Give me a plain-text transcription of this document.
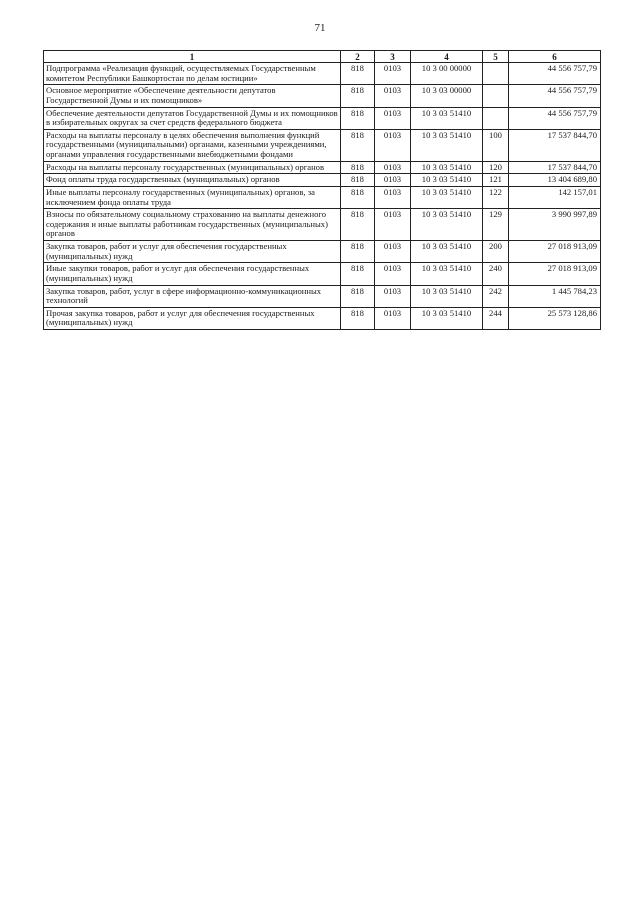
71
1	2	3	4	5	6
Подпрограмма «Реализация функций, осуществляемых Государственным комитетом Республики Башкортостан по делам юстиции»	818	0103	10 3 00 00000		44 556 757,79
Основное мероприятие «Обеспечение деятельности депутатов Государственной Думы и их помощников»	818	0103	10 3 03 00000		44 556 757,79
Обеспечение деятельности депутатов Государственной Думы и их помощников в избирательных округах за счет средств федерального бюджета	818	0103	10 3 03 51410		44 556 757,79
Расходы на выплаты персоналу в целях обеспечения выполнения функций государственными (муниципальными) органами, казенными учреждениями, органами управления государственными внебюджетными фондами	818	0103	10 3 03 51410	100	17 537 844,70
Расходы на выплаты персоналу государственных (муниципальных) органов	818	0103	10 3 03 51410	120	17 537 844,70
Фонд оплаты труда государственных (муниципальных) органов	818	0103	10 3 03 51410	121	13 404 689,80
Иные выплаты персоналу государственных (муниципальных) органов, за исключением фонда оплаты труда	818	0103	10 3 03 51410	122	142 157,01
Взносы по обязательному социальному страхованию на выплаты денежного содержания и иные выплаты работникам государственных (муниципальных) органов	818	0103	10 3 03 51410	129	3 990 997,89
Закупка товаров, работ и услуг для обеспечения государственных (муниципальных) нужд	818	0103	10 3 03 51410	200	27 018 913,09
Иные закупки товаров, работ и услуг для обеспечения государственных (муниципальных) нужд	818	0103	10 3 03 51410	240	27 018 913,09
Закупка товаров, работ, услуг в сфере информационно-коммуникационных технологий	818	0103	10 3 03 51410	242	1 445 784,23
Прочая закупка товаров, работ и услуг для обеспечения государственных (муниципальных) нужд	818	0103	10 3 03 51410	244	25 573 128,86
